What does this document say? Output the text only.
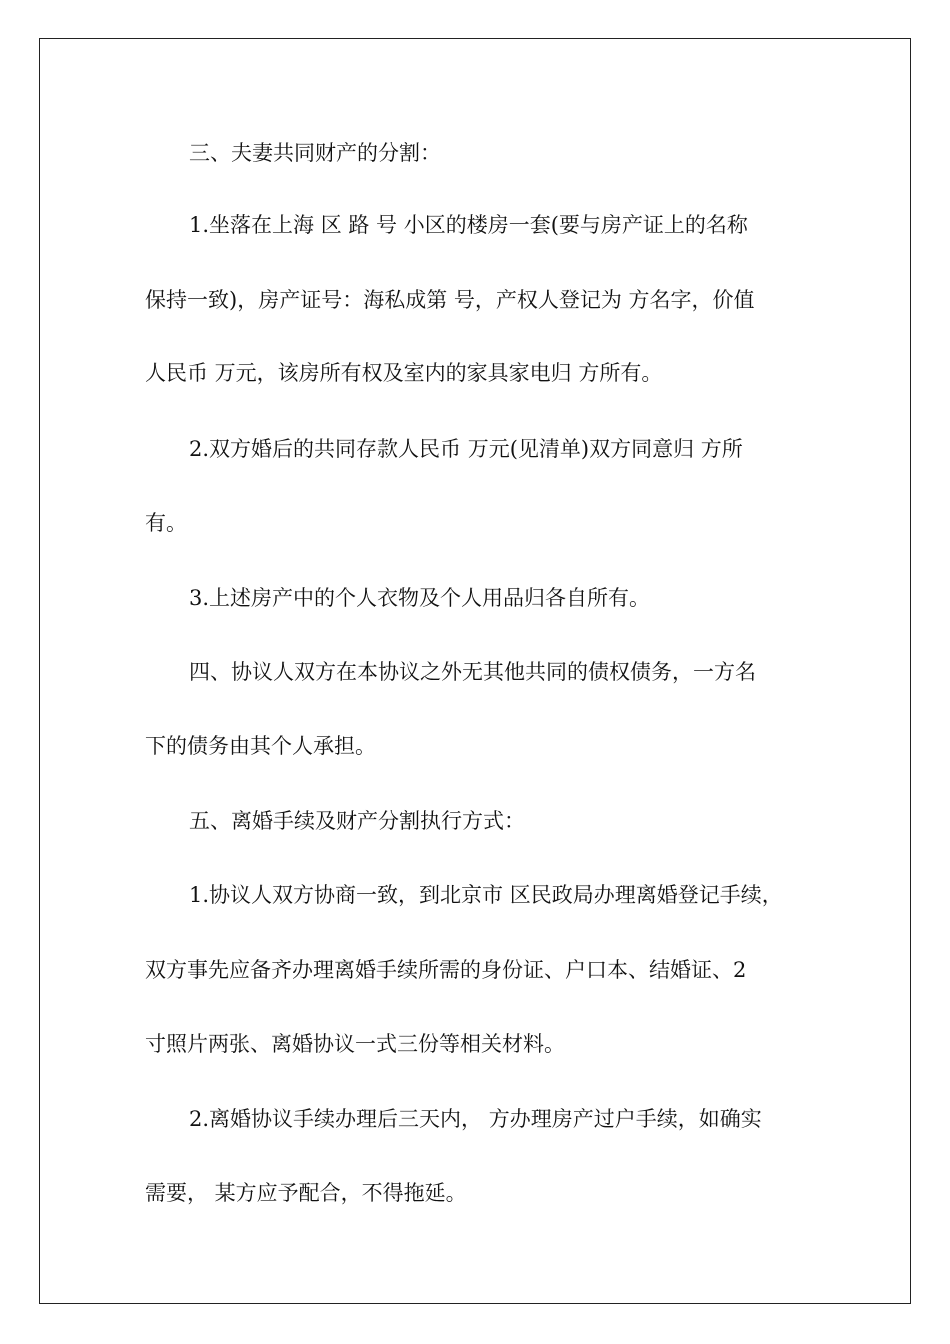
三、夫妻共同财产的分割：
1.坐落在上海 区 路 号 小区的楼房一套(要与房产证上的名称
保持一致)，房产证号：海私成第 号，产权人登记为 方名字，价值
人民币 万元，该房所有权及室内的家具家电归 方所有。
2.双方婚后的共同存款人民币 万元(见清单)双方同意归 方所
有。
3.上述房产中的个人衣物及个人用品归各自所有。
四、协议人双方在本协议之外无其他共同的债权债务，一方名
下的债务由其个人承担。
五、离婚手续及财产分割执行方式：
1.协议人双方协商一致，到北京市 区民政局办理离婚登记手续，
双方事先应备齐办理离婚手续所需的身份证、户口本、结婚证、2
寸照片两张、离婚协议一式三份等相关材料。
2.离婚协议手续办理后三天内， 方办理房产过户手续，如确实
需要， 某方应予配合，不得拖延。
